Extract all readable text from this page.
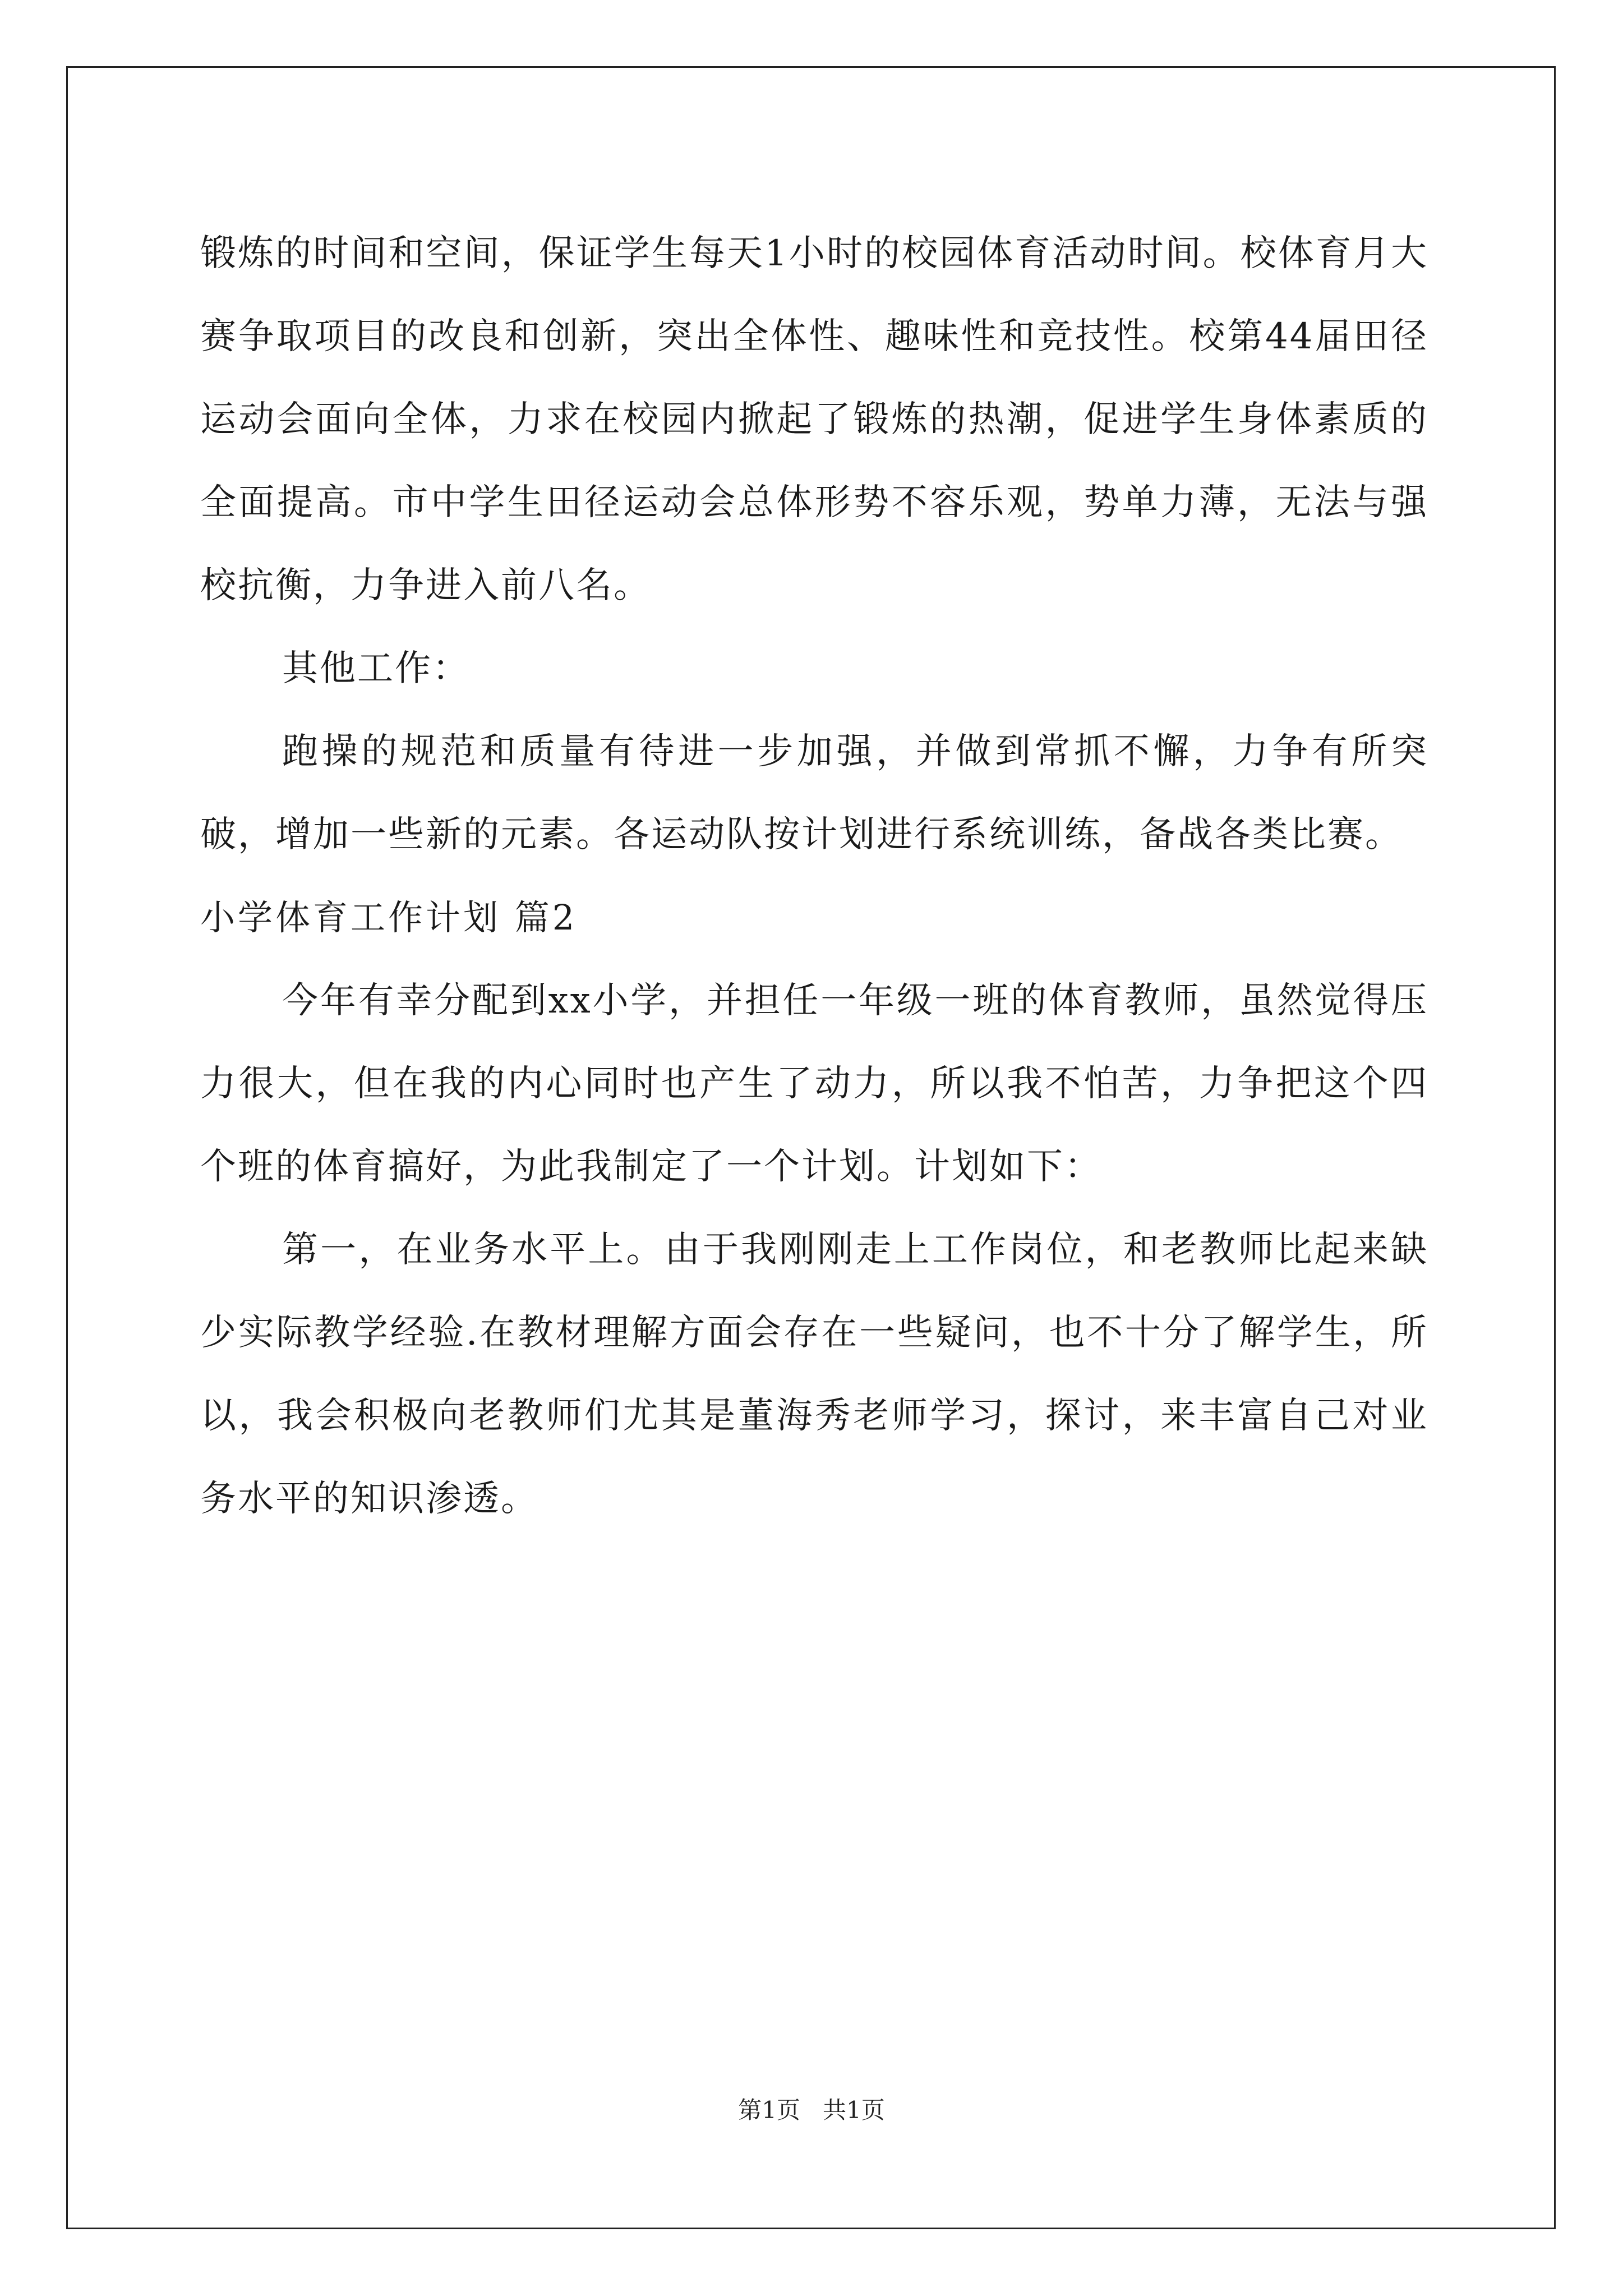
锻炼的时间和空间，保证学生每天1小时的校园体育活动时间。校体育月大赛争取项目的改良和创新，突出全体性、趣味性和竞技性。校第44届田径运动会面向全体，力求在校园内掀起了锻炼的热潮，促进学生身体素质的全面提高。市中学生田径运动会总体形势不容乐观，势单力薄，无法与强校抗衡，力争进入前八名。

其他工作：

跑操的规范和质量有待进一步加强，并做到常抓不懈，力争有所突破，增加一些新的元素。各运动队按计划进行系统训练，备战各类比赛。

小学体育工作计划 篇2

今年有幸分配到xx小学，并担任一年级一班的体育教师，虽然觉得压力很大，但在我的内心同时也产生了动力，所以我不怕苦，力争把这个四个班的体育搞好，为此我制定了一个计划。计划如下：

第一，在业务水平上。由于我刚刚走上工作岗位，和老教师比起来缺少实际教学经验.在教材理解方面会存在一些疑问，也不十分了解学生，所以，我会积极向老教师们尤其是董海秀老师学习，探讨，来丰富自己对业务水平的知识渗透。

第1页 共1页
